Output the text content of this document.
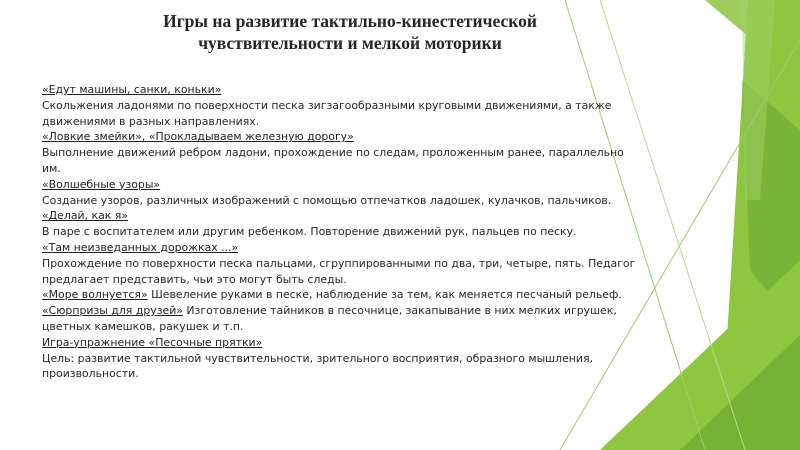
Игры на развитие тактильно-кинестетической
чувствительности и мелкой моторики

«Едут машины, санки, коньки»

Скольжения ладонями по поверхности песка зигзагообразными круговыми движениями, а также

движениями в разных направлениях.

«Ловкие змейки», «Прокладываем железную дорогу»

Выполнение движений ребром ладони, прохождение по следам, проложенным ранее, параллельно

им.

«Волшебные узоры»

Создание узоров, различных изображений с помощью отпечатков ладошек, кулачков, пальчиков.

«Делай, как я»

В паре с воспитателем или другим ребенком. Повторение движений рук, пальцев по песку.

«Там неизведанных дорожках ...»

Прохождение по поверхности песка пальцами, сгруппированными по два, три, четыре, пять. Педагог

предлагает представить, чьи это могут быть следы.

«Море волнуется» Шевеление руками в песке, наблюдение за тем, как меняется песчаный рельеф.

«Сюрпризы для друзей» Изготовление тайников в песочнице, закапывание в них мелких игрушек,

цветных камешков, ракушек и т.п.

Игра-упражнение «Песочные прятки»

Цель: развитие тактильной чувствительности, зрительного восприятия, образного мышления,

произвольности.
